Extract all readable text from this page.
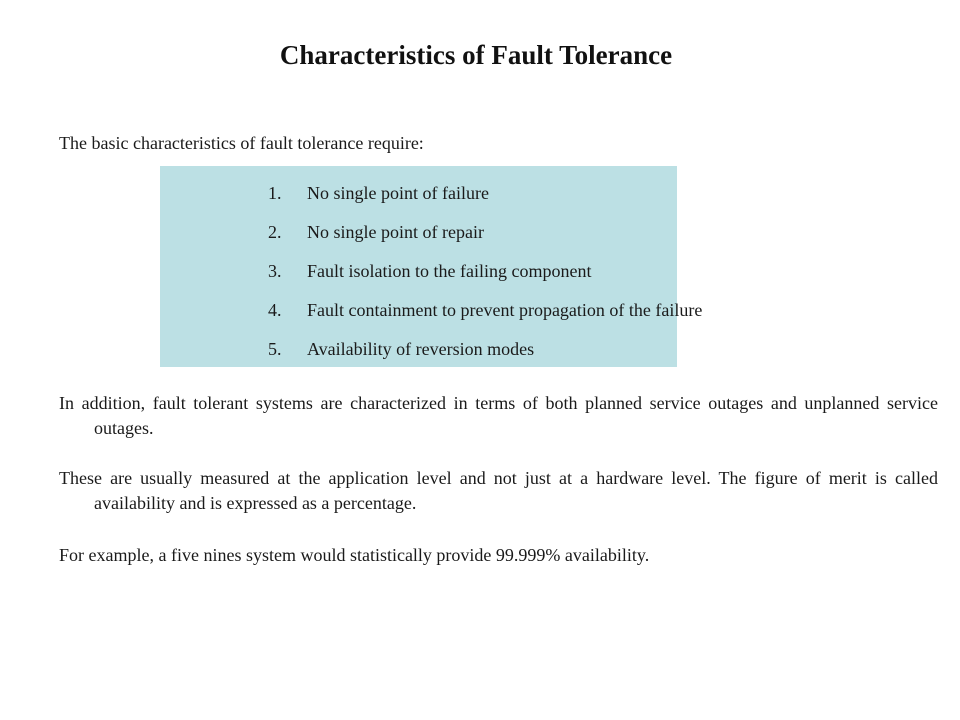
Characteristics of Fault Tolerance
The basic characteristics of fault tolerance require:
1. No single point of failure
2. No single point of repair
3. Fault isolation to the failing component
4. Fault containment to prevent propagation of the failure
5. Availability of reversion modes

In addition, fault tolerant systems are characterized in terms of both planned service outages and unplanned service outages.

These are usually measured at the application level and not just at a hardware level. The figure of merit is called availability and is expressed as a percentage.

For example, a five nines system would statistically provide 99.999% availability.
